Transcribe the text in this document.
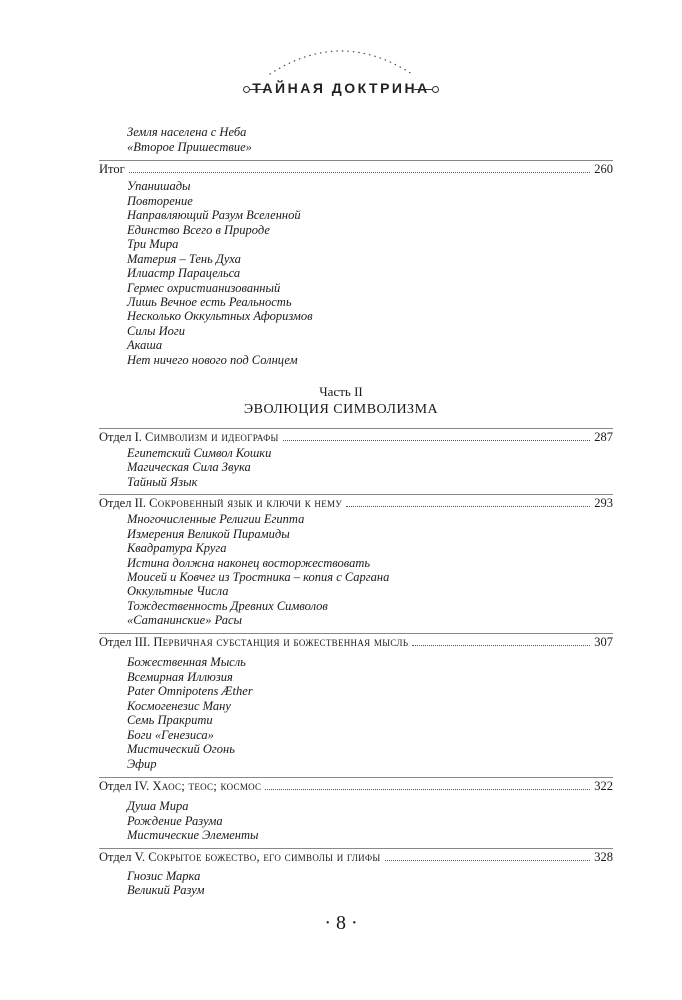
ТАЙНАЯ ДОКТРИНА
Земля населена с Неба
«Второе Пришествие»
Итог	260
Упанишады
Повторение
Направляющий Разум Вселенной
Единство Всего в Природе
Три Мира
Материя – Тень Духа
Илиастр Парацельса
Гермес охристианизованный
Лишь Вечное есть Реальность
Несколько Оккультных Афоризмов
Силы Иоги
Акаша
Нет ничего нового под Солнцем
Часть II
ЭВОЛЮЦИЯ СИМВОЛИЗМА
Отдел I. Символизм и идеографы	287
Египетский Символ Кошки
Магическая Сила Звука
Тайный Язык
Отдел II. Сокровенный язык и ключи к нему	293
Многочисленные Религии Египта
Измерения Великой Пирамиды
Квадратура Круга
Истина должна наконец восторжествовать
Моисей и Ковчег из Тростника – копия с Саргана
Оккультные Числа
Тождественность Древних Символов
«Сатанинские» Расы
Отдел III. Первичная субстанция и божественная мысль	307
Божественная Мысль
Всемирная Иллюзия
Pater Omnipotens Æther
Космогенезис Ману
Семь Пракрити
Боги «Генезиса»
Мистический Огонь
Эфир
Отдел IV. Хаос; теос; космос	322
Душа Мира
Рождение Разума
Мистические Элементы
Отдел V. Сокрытое божество, его символы и глифы	328
Гнозис Марка
Великий Разум
· 8 ·
